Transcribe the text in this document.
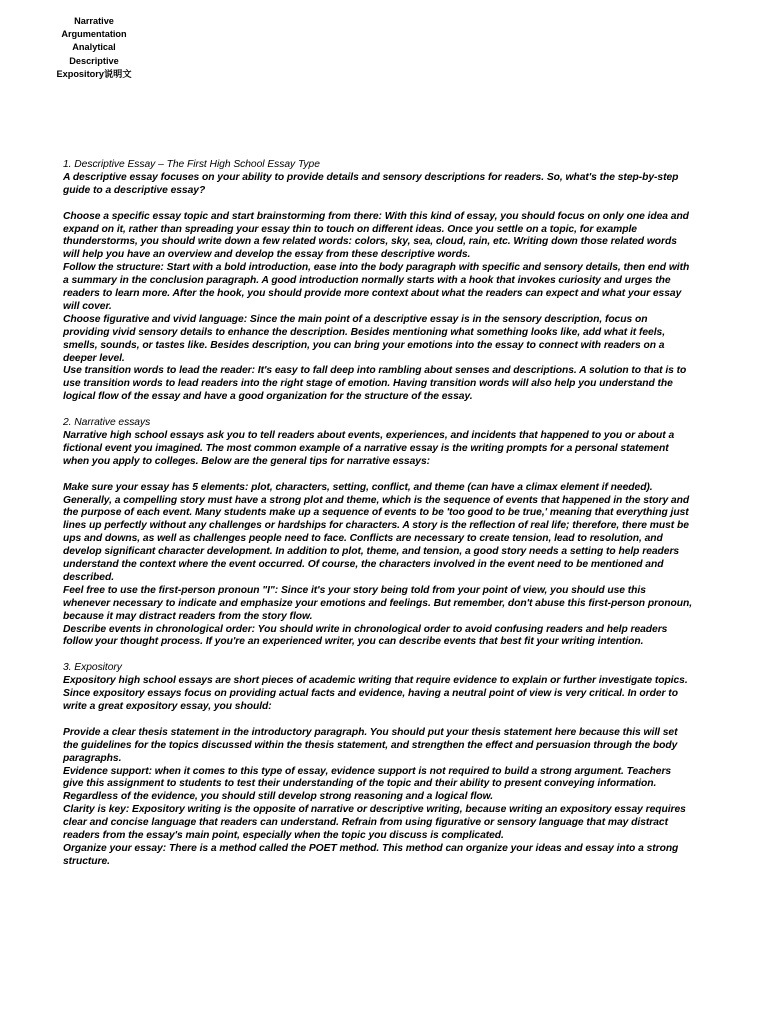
Narrative
Argumentation
Analytical
Descriptive
Expository说明文

1. Descriptive Essay – The First High School Essay Type

A descriptive essay focuses on your ability to provide details and sensory descriptions for readers. So, what's the step-by-step guide to a descriptive essay?

Choose a specific essay topic and start brainstorming from there: With this kind of essay, you should focus on only one idea and expand on it, rather than spreading your essay thin to touch on different ideas. Once you settle on a topic, for example thunderstorms, you should write down a few related words: colors, sky, sea, cloud, rain, etc. Writing down those related words will help you have an overview and develop the essay from these descriptive words.

Follow the structure: Start with a bold introduction, ease into the body paragraph with specific and sensory details, then end with a summary in the conclusion paragraph. A good introduction normally starts with a hook that invokes curiosity and urges the readers to learn more. After the hook, you should provide more context about what the readers can expect and what your essay will cover.

Choose figurative and vivid language: Since the main point of a descriptive essay is in the sensory description, focus on providing vivid sensory details to enhance the description. Besides mentioning what something looks like, add what it feels, smells, sounds, or tastes like. Besides description, you can bring your emotions into the essay to connect with readers on a deeper level.

Use transition words to lead the reader: It's easy to fall deep into rambling about senses and descriptions. A solution to that is to use transition words to lead readers into the right stage of emotion. Having transition words will also help you understand the logical flow of the essay and have a good organization for the structure of the essay.

2. Narrative essays

Narrative high school essays ask you to tell readers about events, experiences, and incidents that happened to you or about a fictional event you imagined. The most common example of a narrative essay is the writing prompts for a personal statement when you apply to colleges. Below are the general tips for narrative essays:

Make sure your essay has 5 elements: plot, characters, setting, conflict, and theme (can have a climax element if needed). Generally, a compelling story must have a strong plot and theme, which is the sequence of events that happened in the story and the purpose of each event. Many students make up a sequence of events to be 'too good to be true,' meaning that everything just lines up perfectly without any challenges or hardships for characters. A story is the reflection of real life; therefore, there must be ups and downs, as well as challenges people need to face. Conflicts are necessary to create tension, lead to resolution, and develop significant character development. In addition to plot, theme, and tension, a good story needs a setting to help readers understand the context where the event occurred. Of course, the characters involved in the event need to be mentioned and described.

Feel free to use the first-person pronoun "I": Since it's your story being told from your point of view, you should use this whenever necessary to indicate and emphasize your emotions and feelings. But remember, don't abuse this first-person pronoun, because it may distract readers from the story flow.

Describe events in chronological order: You should write in chronological order to avoid confusing readers and help readers follow your thought process. If you're an experienced writer, you can describe events that best fit your writing intention.

3. Expository

Expository high school essays are short pieces of academic writing that require evidence to explain or further investigate topics. Since expository essays focus on providing actual facts and evidence, having a neutral point of view is very critical. In order to write a great expository essay, you should:

Provide a clear thesis statement in the introductory paragraph. You should put your thesis statement here because this will set the guidelines for the topics discussed within the thesis statement, and strengthen the effect and persuasion through the body paragraphs.

Evidence support: when it comes to this type of essay, evidence support is not required to build a strong argument. Teachers give this assignment to students to test their understanding of the topic and their ability to present conveying information. Regardless of the evidence, you should still develop strong reasoning and a logical flow.

Clarity is key: Expository writing is the opposite of narrative or descriptive writing, because writing an expository essay requires clear and concise language that readers can understand. Refrain from using figurative or sensory language that may distract readers from the essay's main point, especially when the topic you discuss is complicated.

Organize your essay: There is a method called the POET method. This method can organize your ideas and essay into a strong structure.
